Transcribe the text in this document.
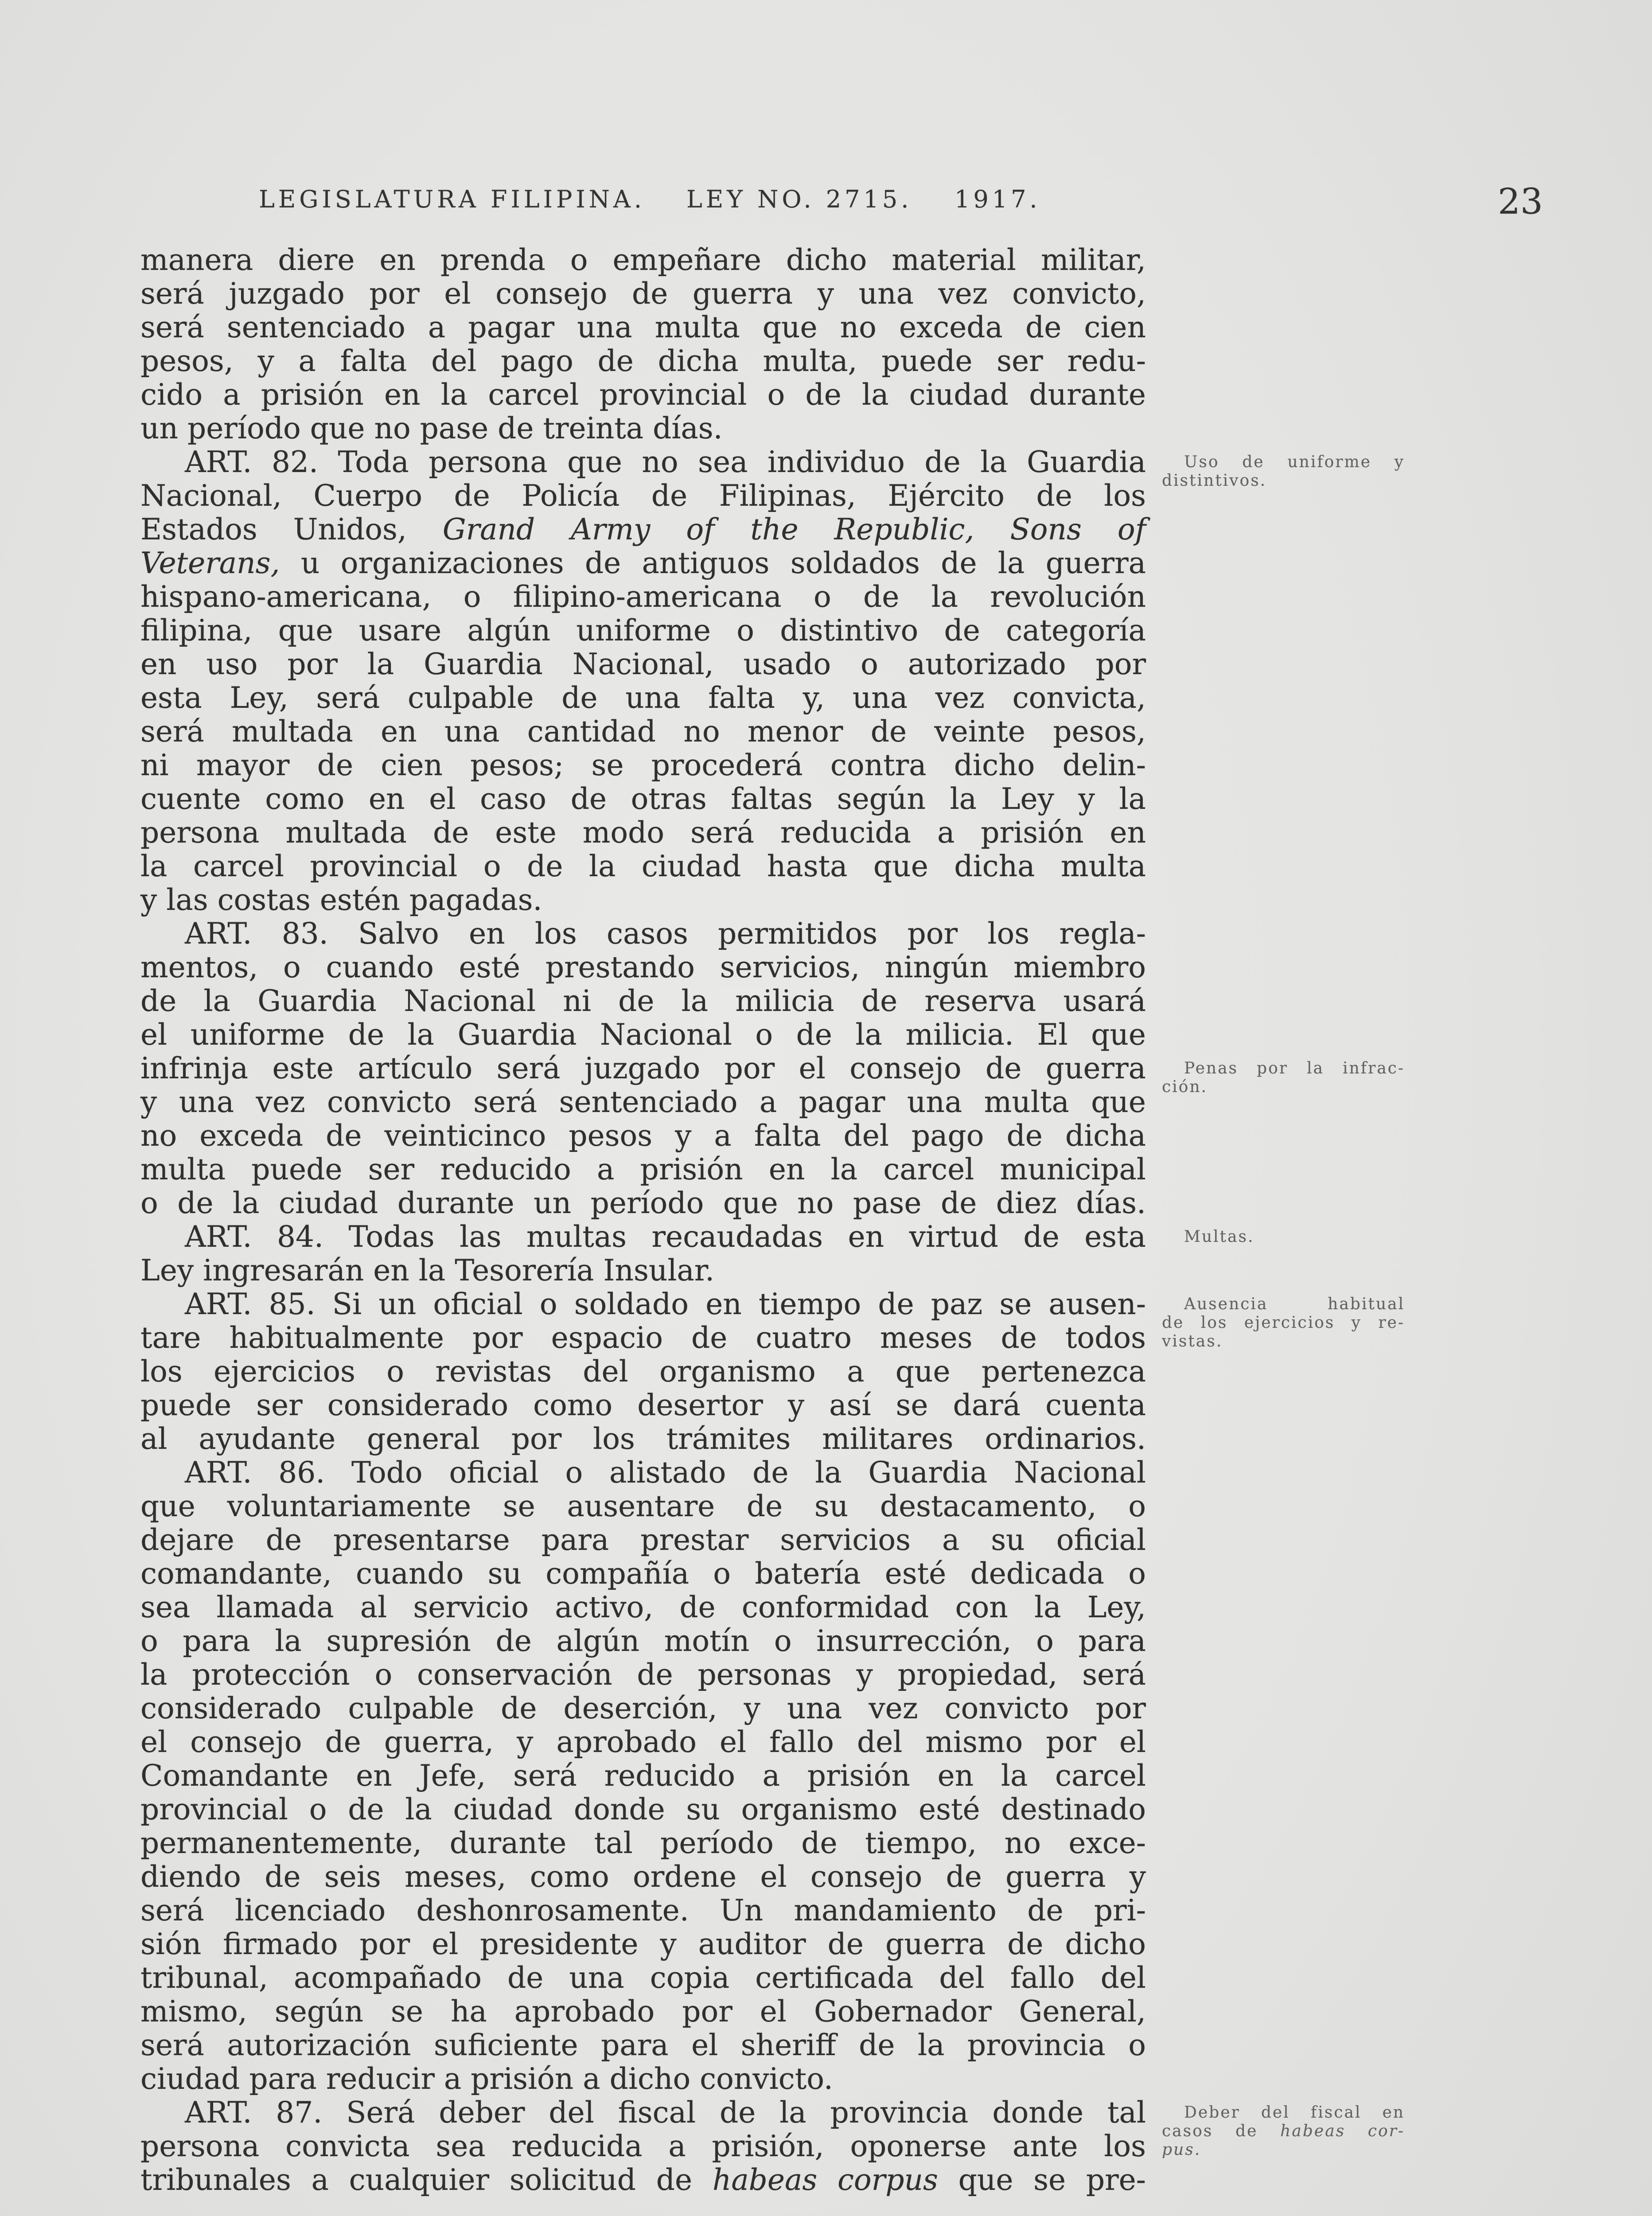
LEGISLATURA FILIPINA. LEY NO. 2715. 1917.	23
manera diere en prenda o empeñare dicho material militar,
será juzgado por el consejo de guerra y una vez convicto,
será sentenciado a pagar una multa que no exceda de cien
pesos, y a falta del pago de dicha multa, puede ser redu-
cido a prisión en la carcel provincial o de la ciudad durante
un período que no pase de treinta días.
ART. 82. Toda persona que no sea individuo de la Guardia
Nacional, Cuerpo de Policía de Filipinas, Ejército de los
Estados Unidos, Grand Army of the Republic, Sons of
Veterans, u organizaciones de antiguos soldados de la guerra
hispano-americana, o filipino-americana o de la revolución
filipina, que usare algún uniforme o distintivo de categoría
en uso por la Guardia Nacional, usado o autorizado por
esta Ley, será culpable de una falta y, una vez convicta,
será multada en una cantidad no menor de veinte pesos,
ni mayor de cien pesos; se procederá contra dicho delin-
cuente como en el caso de otras faltas según la Ley y la
persona multada de este modo será reducida a prisión en
la carcel provincial o de la ciudad hasta que dicha multa
y las costas estén pagadas.
ART. 83. Salvo en los casos permitidos por los regla-
mentos, o cuando esté prestando servicios, ningún miembro
de la Guardia Nacional ni de la milicia de reserva usará
el uniforme de la Guardia Nacional o de la milicia. El que
infrinja este artículo será juzgado por el consejo de guerra
y una vez convicto será sentenciado a pagar una multa que
no exceda de veinticinco pesos y a falta del pago de dicha
multa puede ser reducido a prisión en la carcel municipal
o de la ciudad durante un período que no pase de diez días.
ART. 84. Todas las multas recaudadas en virtud de esta
Ley ingresarán en la Tesorería Insular.
ART. 85. Si un oficial o soldado en tiempo de paz se ausen-
tare habitualmente por espacio de cuatro meses de todos
los ejercicios o revistas del organismo a que pertenezca
puede ser considerado como desertor y así se dará cuenta
al ayudante general por los trámites militares ordinarios.
ART. 86. Todo oficial o alistado de la Guardia Nacional
que voluntariamente se ausentare de su destacamento, o
dejare de presentarse para prestar servicios a su oficial
comandante, cuando su compañía o batería esté dedicada o
sea llamada al servicio activo, de conformidad con la Ley,
o para la supresión de algún motín o insurrección, o para
la protección o conservación de personas y propiedad, será
considerado culpable de deserción, y una vez convicto por
el consejo de guerra, y aprobado el fallo del mismo por el
Comandante en Jefe, será reducido a prisión en la carcel
provincial o de la ciudad donde su organismo esté destinado
permanentemente, durante tal período de tiempo, no exce-
diendo de seis meses, como ordene el consejo de guerra y
será licenciado deshonrosamente. Un mandamiento de pri-
sión firmado por el presidente y auditor de guerra de dicho
tribunal, acompañado de una copia certificada del fallo del
mismo, según se ha aprobado por el Gobernador General,
será autorización suficiente para el sheriff de la provincia o
ciudad para reducir a prisión a dicho convicto.
ART. 87. Será deber del fiscal de la provincia donde tal
persona convicta sea reducida a prisión, oponerse ante los
tribunales a cualquier solicitud de habeas corpus que se pre-
Uso de uniforme y
distintivos.
Penas por la infrac-
ción.
Multas.
Ausencia habitual
de los ejercicios y re-
vistas.
Deber del fiscal en
casos de habeas cor-
pus.
